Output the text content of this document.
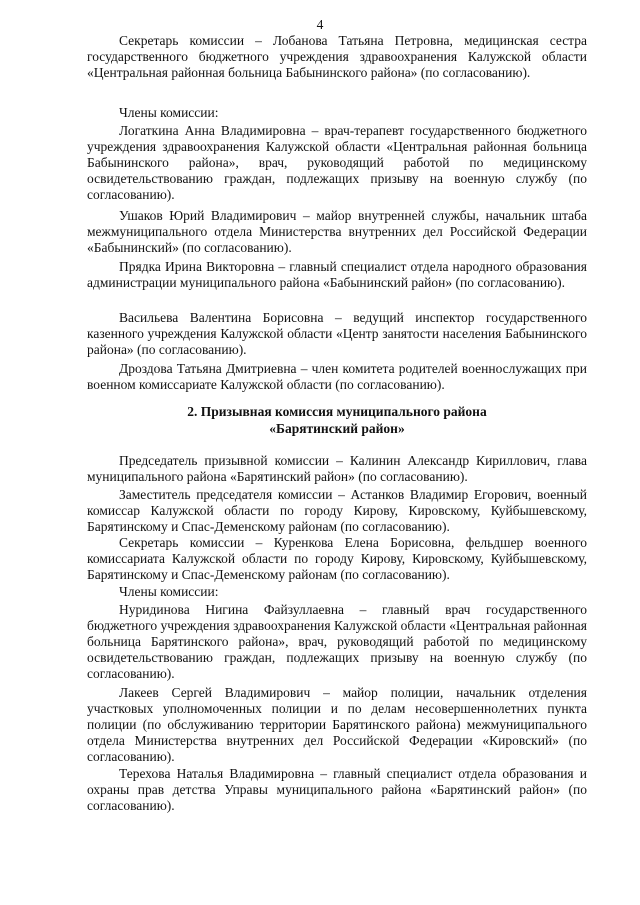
4

Секретарь комиссии – Лобанова Татьяна Петровна, медицинская сестра государственного бюджетного учреждения здравоохранения Калужской области «Центральная районная больница Бабынинского района» (по согласованию).

Члены комиссии:

Логаткина Анна Владимировна – врач-терапевт государственного бюджетного учреждения здравоохранения Калужской области «Центральная районная больница Бабынинского района», врач, руководящий работой по медицинскому освидетельствованию граждан, подлежащих призыву на военную службу (по согласованию).

Ушаков Юрий Владимирович – майор внутренней службы, начальник штаба межмуниципального отдела Министерства внутренних дел Российской Федерации «Бабынинский» (по согласованию).

Прядка Ирина Викторовна – главный специалист отдела народного образования администрации муниципального района «Бабынинский район» (по согласованию).

Васильева Валентина Борисовна – ведущий инспектор государственного казенного учреждения Калужской области «Центр занятости населения Бабынинского района» (по согласованию).

Дроздова Татьяна Дмитриевна – член комитета родителей военнослужащих при военном комиссариате Калужской области (по согласованию).

2. Призывная комиссия муниципального района
«Барятинский район»

Председатель призывной комиссии – Калинин Александр Кириллович, глава муниципального района «Барятинский район» (по согласованию).

Заместитель председателя комиссии – Астанков Владимир Егорович, военный комиссар Калужской области по городу Кирову, Кировскому, Куйбышевскому, Барятинскому и Спас-Деменскому районам (по согласованию).

Секретарь комиссии – Куренкова Елена Борисовна, фельдшер военного комиссариата Калужской области по городу Кирову, Кировскому, Куйбышевскому, Барятинскому и Спас-Деменскому районам (по согласованию).

Члены комиссии:

Нуридинова Нигина Файзуллаевна – главный врач государственного бюджетного учреждения здравоохранения Калужской области «Центральная районная больница Барятинского района», врач, руководящий работой по медицинскому освидетельствованию граждан, подлежащих призыву на военную службу (по согласованию).

Лакеев Сергей Владимирович – майор полиции, начальник отделения участковых уполномоченных полиции и по делам несовершеннолетних пункта полиции (по обслуживанию территории Барятинского района) межмуниципального отдела Министерства внутренних дел Российской Федерации «Кировский» (по согласованию).

Терехова Наталья Владимировна – главный специалист отдела образования и охраны прав детства Управы муниципального района «Барятинский район» (по согласованию).
